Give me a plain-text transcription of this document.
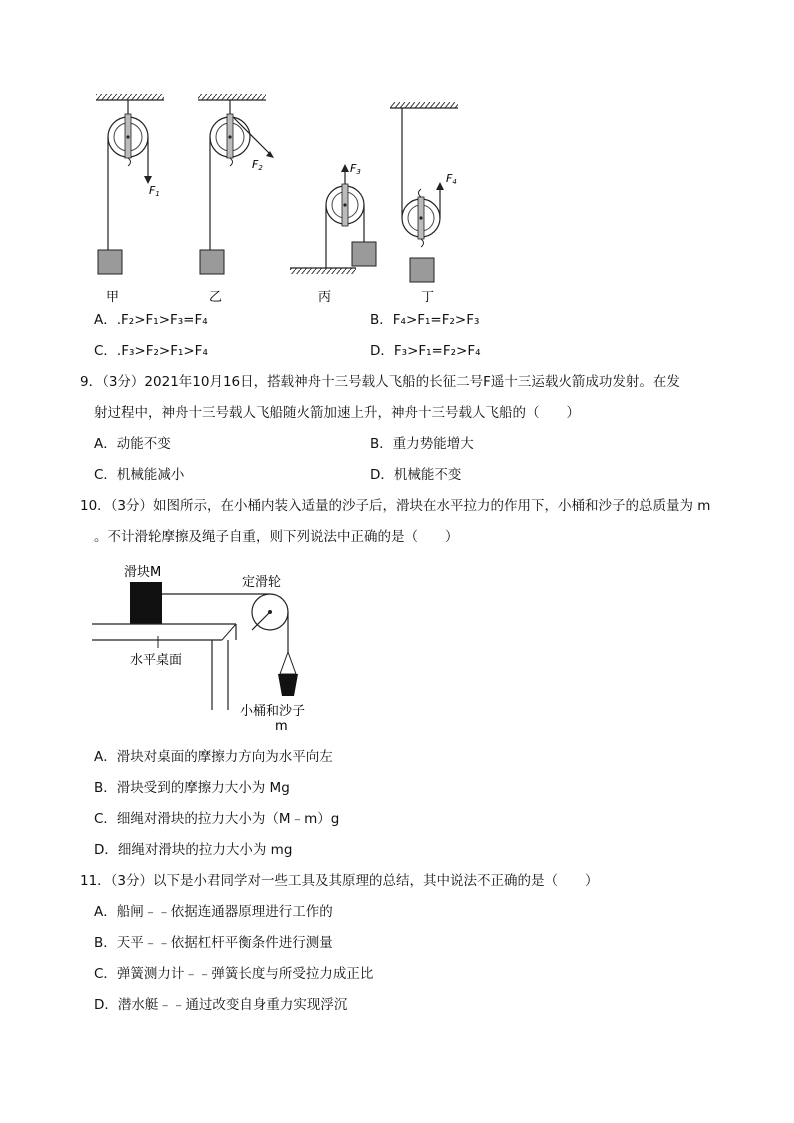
F1
F2	F3	F4
甲	乙	丙	丁
A．.F₂>F₁>F₃=F₄	B．F₄>F₁=F₂>F₃
C．.F₃>F₂>F₁>F₄	D．F₃>F₁=F₂>F₄
9．（3分）2021年10月16日，搭载神舟十三号载人飞船的长征二号F遥十三运载火箭成功发射。在发
射过程中，神舟十三号载人飞船随火箭加速上升，神舟十三号载人飞船的（　　）
A．动能不变	B．重力势能增大
C．机械能减小	D．机械能不变
10．（3分）如图所示，在小桶内装入适量的沙子后，滑块在水平拉力的作用下，小桶和沙子的总质量为 m
。不计滑轮摩擦及绳子自重，则下列说法中正确的是（　　）
滑块M
定滑轮
水平桌面
小桶和沙子
m
A．滑块对桌面的摩擦力方向为水平向左
B．滑块受到的摩擦力大小为 Mg
C．细绳对滑块的拉力大小为（M﹣m）g
D．细绳对滑块的拉力大小为 mg
11．（3分）以下是小君同学对一些工具及其原理的总结，其中说法不正确的是（　　）
A．船闸﹣﹣依据连通器原理进行工作的
B．天平﹣﹣依据杠杆平衡条件进行测量
C．弹簧测力计﹣﹣弹簧长度与所受拉力成正比
D．潜水艇﹣﹣通过改变自身重力实现浮沉
